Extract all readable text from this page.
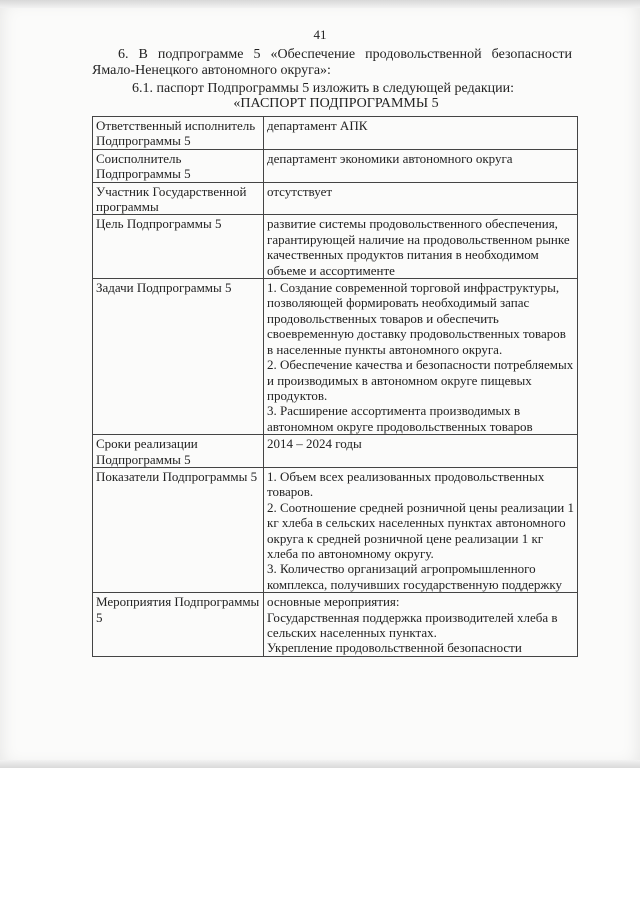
41
6. В подпрограмме 5 «Обеспечение продовольственной безопасности Ямало-Ненецкого автономного округа»:
6.1. паспорт Подпрограммы 5 изложить в следующей редакции:
«ПАСПОРТ ПОДПРОГРАММЫ 5
Ответственный исполнитель Подпрограммы 5	департамент АПК

Соисполнитель Подпрограммы 5	департамент экономики автономного округа

Участник Государственной программы	отсутствует

Цель Подпрограммы 5	развитие системы продовольственного обеспечения, гарантирующей наличие на продовольственном рынке качественных продуктов питания в необходимом объеме и ассортименте

Задачи Подпрограммы 5	1. Создание современной торговой инфраструктуры, позволяющей формировать необходимый запас продовольственных товаров и обеспечить своевременную доставку продовольственных товаров в населенные пункты автономного округа.
2. Обеспечение качества и безопасности потребляемых и производимых в автономном округе пищевых продуктов.
3. Расширение ассортимента производимых в автономном округе продовольственных товаров

Сроки реализации Подпрограммы 5	2014 – 2024 годы

Показатели Подпрограммы 5	1. Объем всех реализованных продовольственных товаров.
2. Соотношение средней розничной цены реализации 1 кг хлеба в сельских населенных пунктах автономного округа к средней розничной цене реализации 1 кг хлеба по автономному округу.
3. Количество организаций агропромышленного комплекса, получивших государственную поддержку

Мероприятия Подпрограммы 5	основные мероприятия:
Государственная поддержка производителей хлеба в сельских населенных пунктах.
Укрепление продовольственной безопасности
